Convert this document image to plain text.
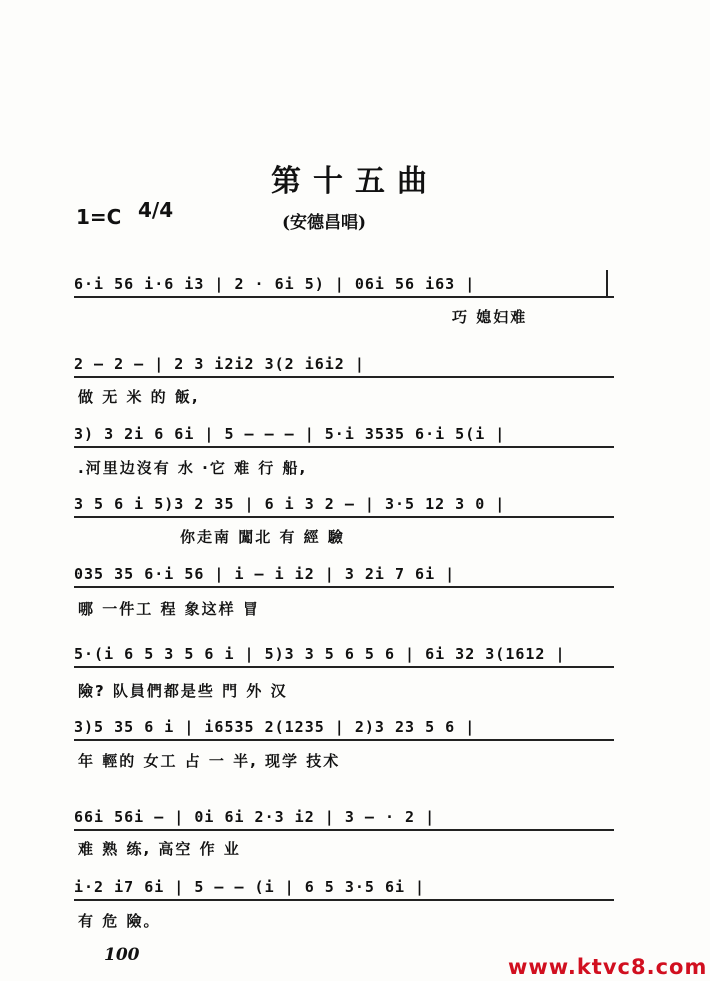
第十五曲
1=C 4/4
(安德昌唱)
6·i 56 i·6 i3 | 2 · 6i 5) | 06i 56 i63 |
巧 媳妇难
2 — 2 — | 2 3 i2i2 3(2 i6i2 |
做 无 米 的 飯,
3) 3 2i 6 6i | 5 — — — | 5·i 3535 6·i 5(i |
.河里边沒有 水 ·它 难 行 船,
3 5 6 i 5)3 2 35 | 6 i 3 2 — | 3·5 12 3 0 |
你走南 闖北 有 經 驗
035 35 6·i 56 | i — i i2 | 3 2i 7 6i |
哪 一件工 程 象这样 冒
5·(i 6 5 3 5 6 i | 5)3 3 5 6 5 6 | 6i 32 3(1612 |
險? 队員們都是些 門 外 汉
3)5 35 6 i | i6535 2(1235 | 2)3 23 5 6 |
年 輕的 女工 占 一 半, 现学 技术
66i 56i — | 0i 6i 2·3 i2 | 3 — · 2 |
难 熟 练, 高空 作 业
i·2 i7 6i | 5 — — (i | 6 5 3·5 6i |
有 危 險。
100	www.ktvc8.com
